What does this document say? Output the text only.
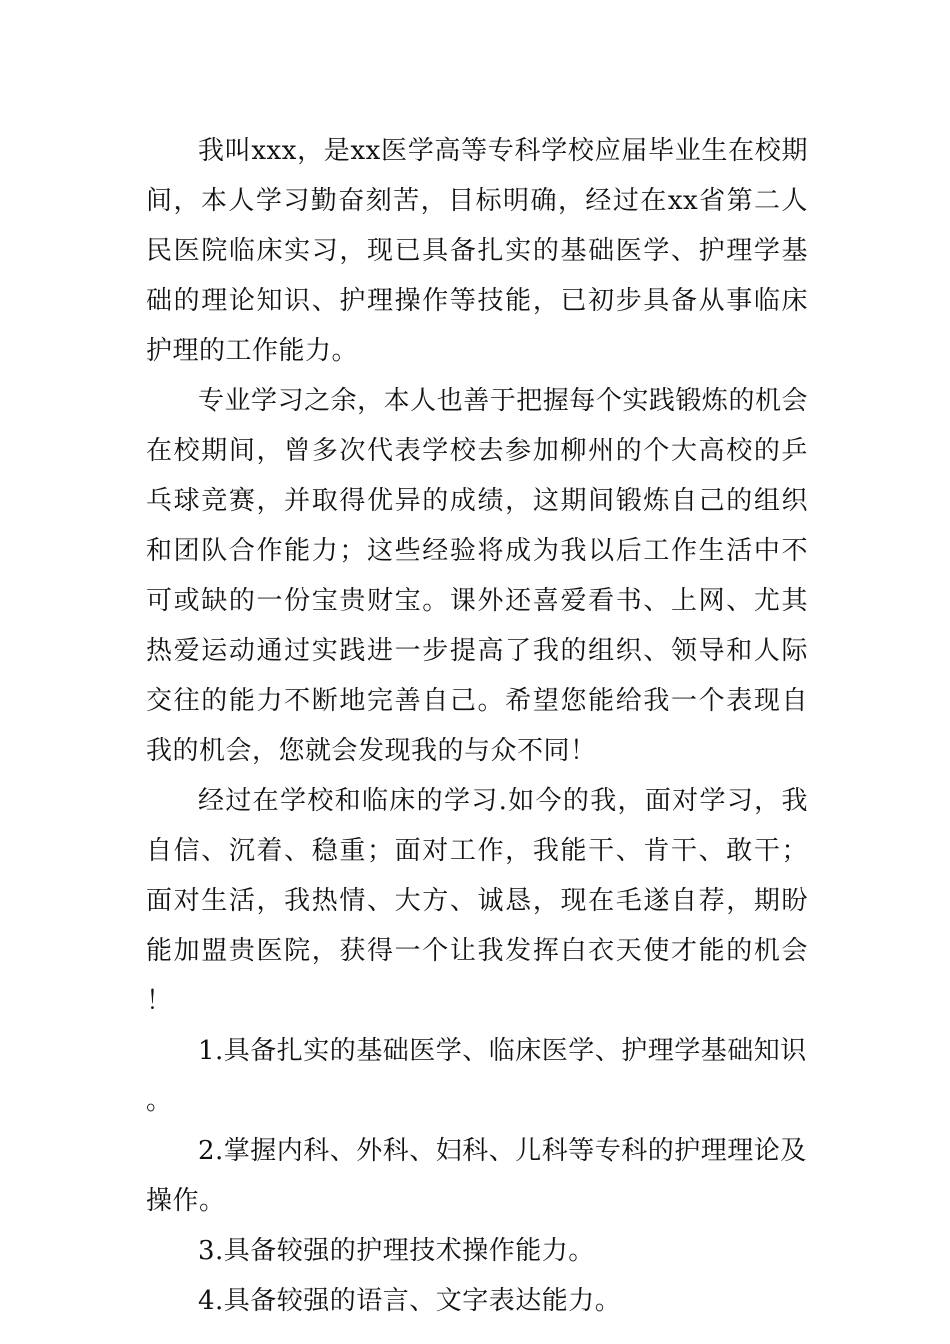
我叫xxx，是xx医学高等专科学校应届毕业生在校期间，本人学习勤奋刻苦，目标明确，经过在xx省第二人民医院临床实习，现已具备扎实的基础医学、护理学基础的理论知识、护理操作等技能，已初步具备从事临床护理的工作能力。

专业学习之余，本人也善于把握每个实践锻炼的机会在校期间，曾多次代表学校去参加柳州的个大高校的乒乓球竞赛，并取得优异的成绩，这期间锻炼自己的组织和团队合作能力；这些经验将成为我以后工作生活中不可或缺的一份宝贵财宝。课外还喜爱看书、上网、尤其热爱运动通过实践进一步提高了我的组织、领导和人际交往的能力不断地完善自己。希望您能给我一个表现自我的机会，您就会发现我的与众不同！

经过在学校和临床的学习.如今的我，面对学习，我自信、沉着、稳重；面对工作，我能干、肯干、敢干；面对生活，我热情、大方、诚恳，现在毛遂自荐，期盼能加盟贵医院，获得一个让我发挥白衣天使才能的机会！

1.具备扎实的基础医学、临床医学、护理学基础知识。

2.掌握内科、外科、妇科、儿科等专科的护理理论及操作。

3.具备较强的护理技术操作能力。

4.具备较强的语言、文字表达能力。
